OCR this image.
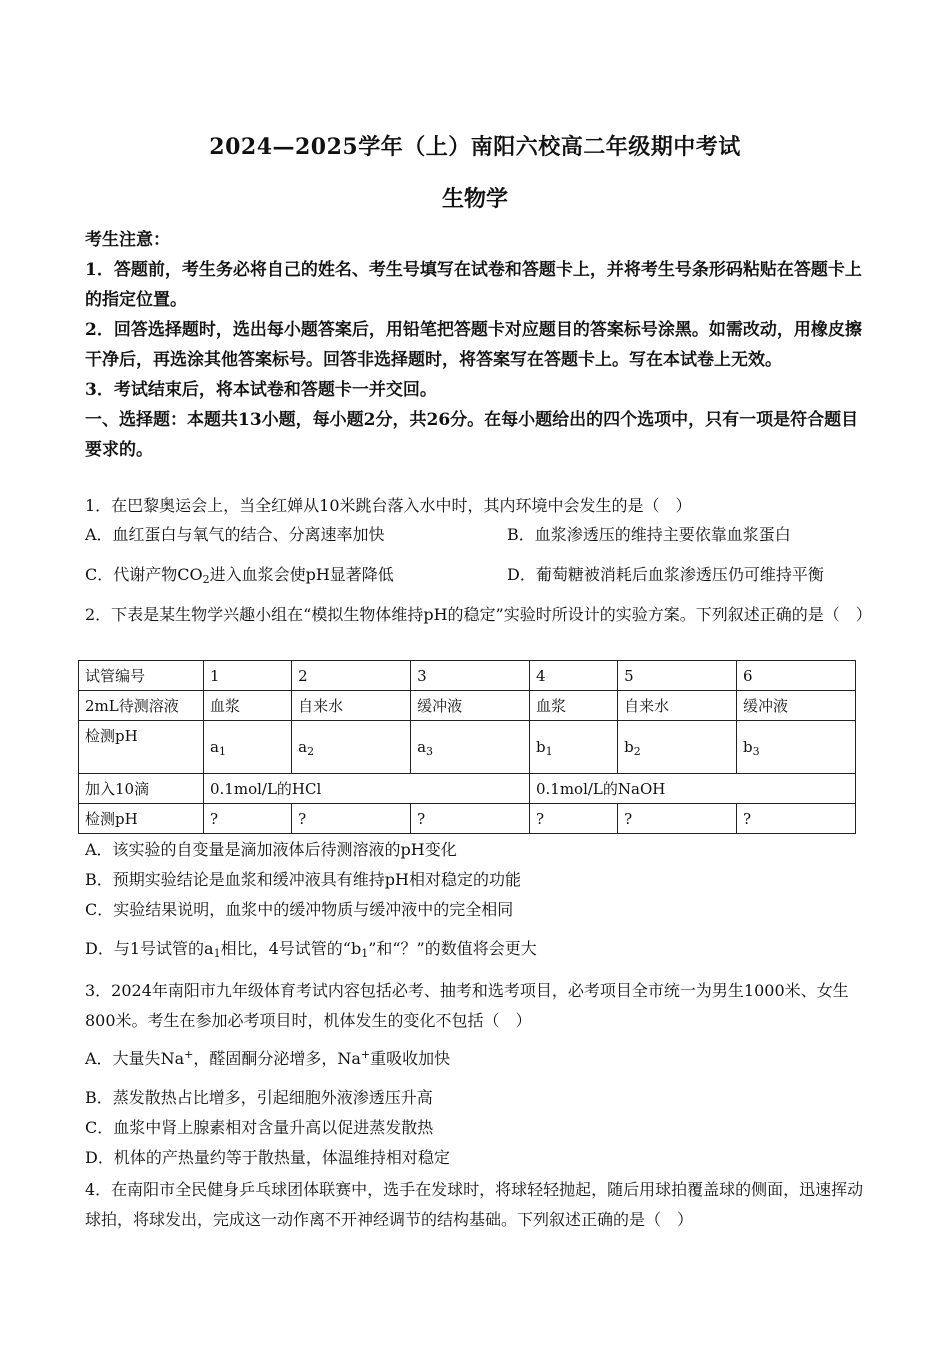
2024—2025学年（上）南阳六校高二年级期中考试
生物学
考生注意：
1．答题前，考生务必将自己的姓名、考生号填写在试卷和答题卡上，并将考生号条形码粘贴在答题卡上的指定位置。
2．回答选择题时，选出每小题答案后，用铅笔把答题卡对应题目的答案标号涂黑。如需改动，用橡皮擦干净后，再选涂其他答案标号。回答非选择题时，将答案写在答题卡上。写在本试卷上无效。
3．考试结束后，将本试卷和答题卡一并交回。
一、选择题：本题共13小题，每小题2分，共26分。在每小题给出的四个选项中，只有一项是符合题目要求的。
1．在巴黎奥运会上，当全红婵从10米跳台落入水中时，其内环境中会发生的是（　）
A．血红蛋白与氧气的结合、分离速率加快	B．血浆渗透压的维持主要依靠血浆蛋白
C．代谢产物$CO_2$进入血浆会使pH显著降低	D．葡萄糖被消耗后血浆渗透压仍可维持平衡
2．下表是某生物学兴趣小组在“模拟生物体维持pH的稳定”实验时所设计的实验方案。下列叙述正确的是（　）
试管编号	1	2	3	4	5	6
2mL待测溶液	血浆	自来水	缓冲液	血浆	自来水	缓冲液
检测pH	$a_1$	$a_2$	$a_3$	$b_1$	$b_2$	$b_3$
加入10滴	0.1mol/L的HCl			0.1mol/L的NaOH		
检测pH	?	?	?	?	?	?
A．该实验的自变量是滴加液体后待测溶液的pH变化
B．预期实验结论是血浆和缓冲液具有维持pH相对稳定的功能
C．实验结果说明，血浆中的缓冲物质与缓冲液中的完全相同
D．与1号试管的$a_1$相比，4号试管的“$b_1$”和“？”的数值将会更大
3．2024年南阳市九年级体育考试内容包括必考、抽考和选考项目，必考项目全市统一为男生1000米、女生800米。考生在参加必考项目时，机体发生的变化不包括（　）
A．大量失Na+，醛固酮分泌增多，Na+重吸收加快
B．蒸发散热占比增多，引起细胞外液渗透压升高
C．血浆中肾上腺素相对含量升高以促进蒸发散热
D．机体的产热量约等于散热量，体温维持相对稳定
4．在南阳市全民健身乒乓球团体联赛中，选手在发球时，将球轻轻抛起，随后用球拍覆盖球的侧面，迅速挥动球拍，将球发出，完成这一动作离不开神经调节的结构基础。下列叙述正确的是（　）
